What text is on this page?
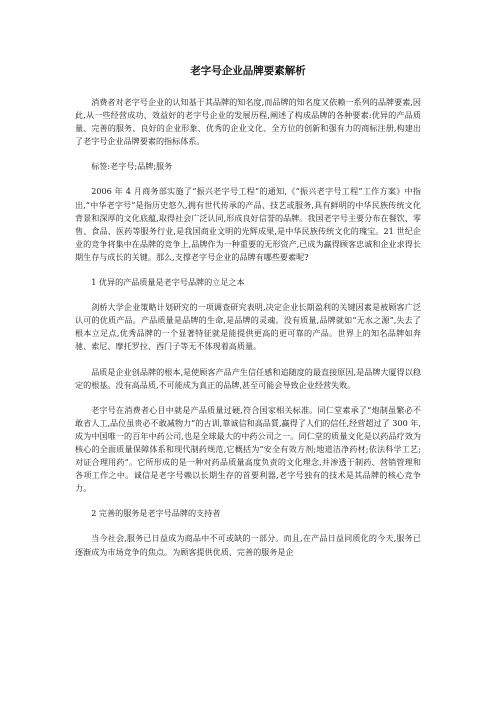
老字号企业品牌要素解析

消费者对老字号企业的认知基于其品牌的知名度,而品牌的知名度又依赖一系列的品牌要素,因此,从一些经营成功、效益好的老字号企业的发展历程,阐述了构成品牌的各种要素:优异的产品质量、完善的服务、良好的企业形象、优秀的企业文化、全方位的创新和强有力的商标注册,构建出了老字号企业品牌要素的指标体系。

标签:老字号;品牌;服务

2006 年 4 月商务部实施了“振兴老字号工程”的通知,《“振兴老字号工程”工作方案》中指出,“中华老字号”是指历史悠久,拥有世代传承的产品、技艺或服务,具有鲜明的中华民族传统文化背景和深厚的文化底蕴,取得社会广泛认同,形成良好信誉的品牌。我国老字号主要分布在餐饮、零售、食品、医药等服务行业,是我国商业文明的光辉成果,是中华民族传统文化的瑰宝。21 世纪企业的竞争将集中在品牌的竞争上,品牌作为一种重要的无形资产,已成为赢得顾客忠诚和企业求得长期生存与成长的关键。那么,支撑老字号企业的品牌有哪些要素呢?

1 优异的产品质量是老字号品牌的立足之本

剑桥大学企业策略计划研究的一项调查研究表明,决定企业长期盈利的关键因素是被顾客广泛认可的优质产品。产品质量是品牌的生命,是品牌的灵魂。没有质量,品牌就如“无水之源”,失去了根本立足点,优秀品牌的一个显著特征就是能提供更高的更可靠的产品。世界上的知名品牌如奔驰、索尼、摩托罗拉、西门子等无不体现着高质量。

品质是企业创品牌的根本,是使顾客产品产生信任感和追随度的最直接原因,是品牌大厦得以稳定的根基。没有高品质,不可能成为真正的品牌,甚至可能会导致企业经营失败。

老字号在消费者心目中就是产品质量过硬,符合国家相关标准。同仁堂素承了“炮制虽繁必不敢省人工,品位虽贵必不敢减物力”的古训,靠诚信和高品質,赢得了人们的信任,经营超过了 300 年,成为中国唯一的百年中药公司,也是全球最大的中药公司之一。同仁堂的质量文化是以药品疗效为核心的全面质量保障体系和现代制药规范,它概括为“安全有效方剂;地道洁净药材;依法科学工艺;对证合理用药”。它所形成的是一种对药品质量高度负责的文化理念,并渗透于制药、营销管理和各项工作之中。诚信是老字号赖以长期生存的首要利器,老字号独有的技术是其品牌的核心竞争力。

2 完善的服务是老字号品牌的支持者

当今社会,服务已日益成为商品中不可或缺的一部分。而且,在产品日益同质化的今天,服务已逐渐成为市场竞争的焦点。为顾客提供优质、完善的服务是企
